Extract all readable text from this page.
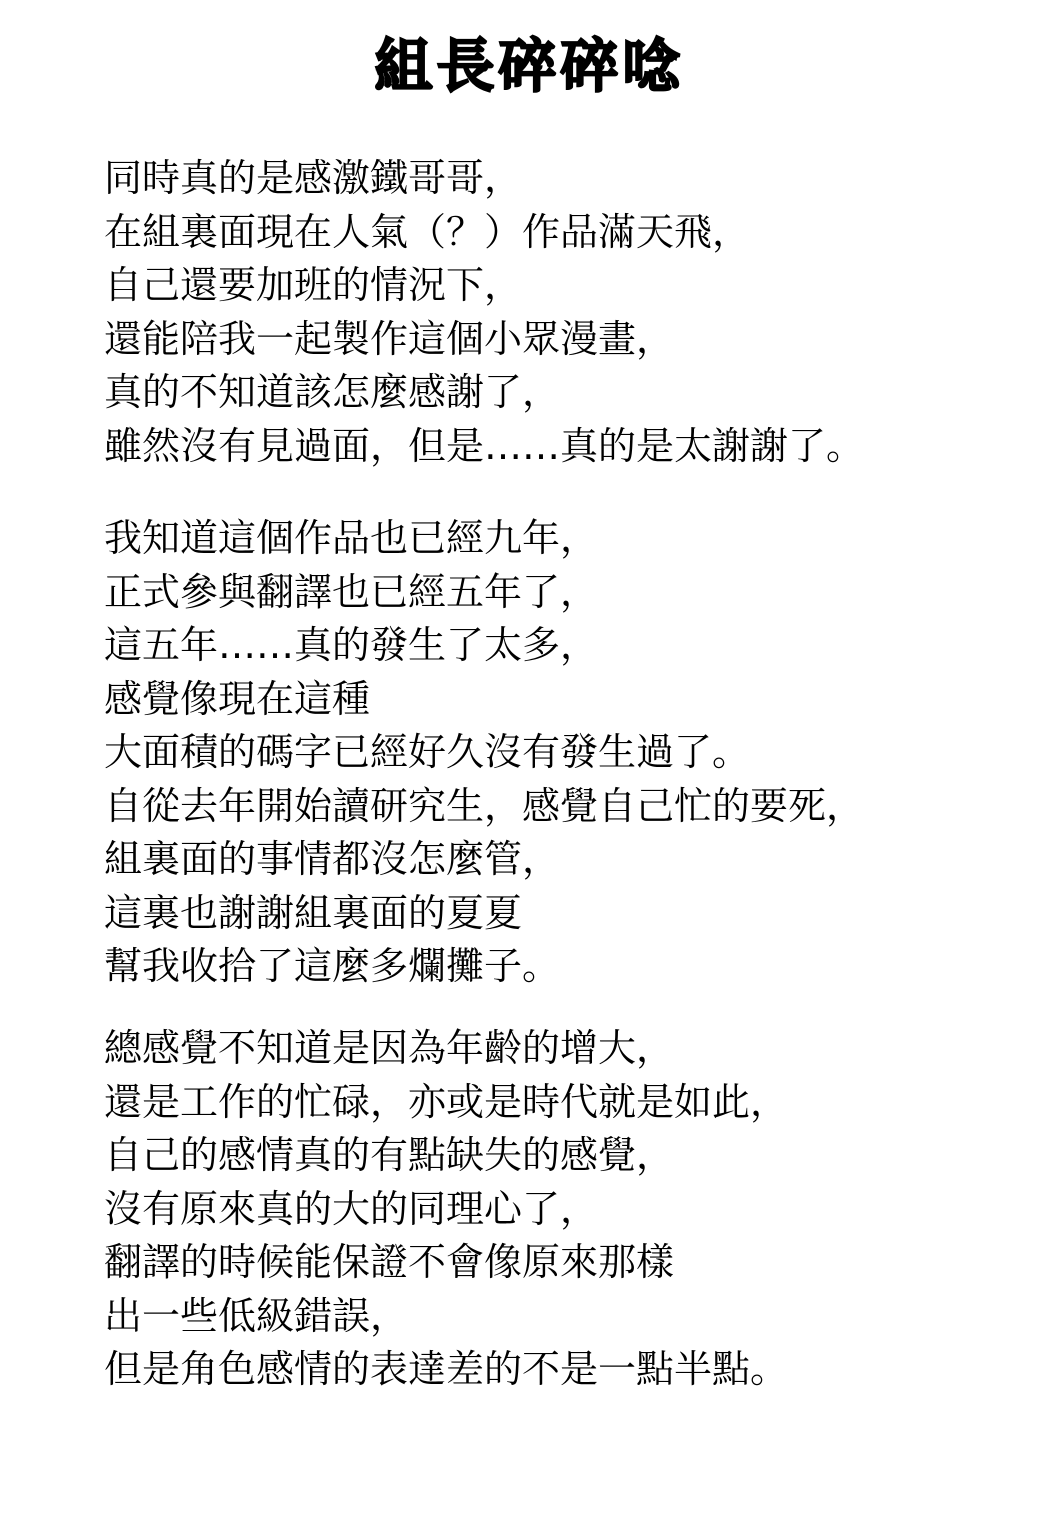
組長碎碎唸
同時真的是感激鐵哥哥，
在組裏面現在人氣（？）作品滿天飛，
自己還要加班的情況下，
還能陪我一起製作這個小眾漫畫，
真的不知道該怎麼感謝了，
雖然沒有見過面，但是……真的是太謝謝了。
我知道這個作品也已經九年，
正式參與翻譯也已經五年了，
這五年……真的發生了太多，
感覺像現在這種
大面積的碼字已經好久沒有發生過了。
自從去年開始讀研究生，感覺自己忙的要死，
組裏面的事情都沒怎麼管，
這裏也謝謝組裏面的夏夏
幫我收拾了這麼多爛攤子。
總感覺不知道是因為年齡的增大，
還是工作的忙碌，亦或是時代就是如此，
自己的感情真的有點缺失的感覺，
沒有原來真的大的同理心了，
翻譯的時候能保證不會像原來那樣
出一些低級錯誤，
但是角色感情的表達差的不是一點半點。
